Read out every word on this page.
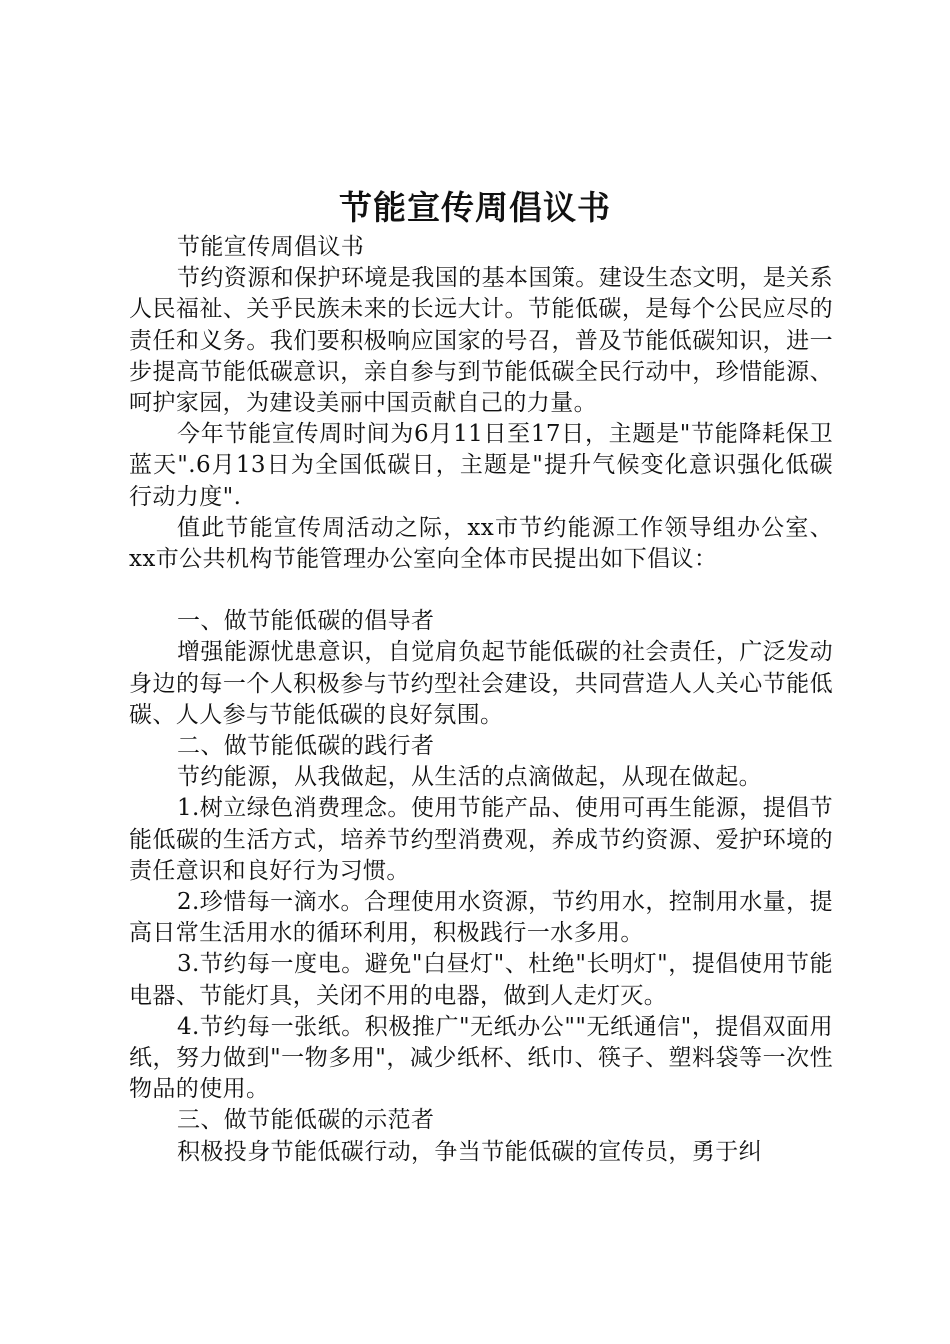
节能宣传周倡议书

节能宣传周倡议书

节约资源和保护环境是我国的基本国策。建设生态文明，是关系人民福祉、关乎民族未来的长远大计。节能低碳，是每个公民应尽的责任和义务。我们要积极响应国家的号召，普及节能低碳知识，进一步提高节能低碳意识，亲自参与到节能低碳全民行动中，珍惜能源、呵护家园，为建设美丽中国贡献自己的力量。

今年节能宣传周时间为6月11日至17日，主题是"节能降耗保卫蓝天".6月13日为全国低碳日，主题是"提升气候变化意识强化低碳行动力度".

值此节能宣传周活动之际，xx市节约能源工作领导组办公室、xx市公共机构节能管理办公室向全体市民提出如下倡议：

一、做节能低碳的倡导者

增强能源忧患意识，自觉肩负起节能低碳的社会责任，广泛发动身边的每一个人积极参与节约型社会建设，共同营造人人关心节能低碳、人人参与节能低碳的良好氛围。

二、做节能低碳的践行者

节约能源，从我做起，从生活的点滴做起，从现在做起。

1.树立绿色消费理念。使用节能产品、使用可再生能源，提倡节能低碳的生活方式，培养节约型消费观，养成节约资源、爱护环境的责任意识和良好行为习惯。

2.珍惜每一滴水。合理使用水资源，节约用水，控制用水量，提高日常生活用水的循环利用，积极践行一水多用。

3.节约每一度电。避免"白昼灯"、杜绝"长明灯"，提倡使用节能电器、节能灯具，关闭不用的电器，做到人走灯灭。

4.节约每一张纸。积极推广"无纸办公""无纸通信"，提倡双面用纸，努力做到"一物多用"，减少纸杯、纸巾、筷子、塑料袋等一次性物品的使用。

三、做节能低碳的示范者

积极投身节能低碳行动，争当节能低碳的宣传员，勇于纠
